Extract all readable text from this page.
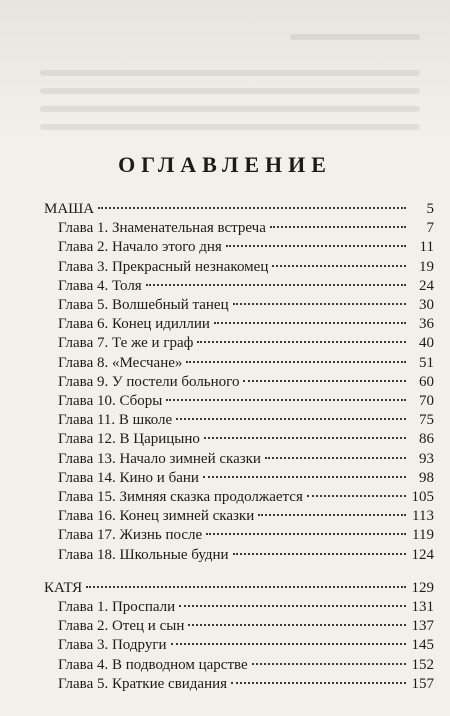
ОГЛАВЛЕНИЕ
МАША	5
Глава 1. Знаменательная встреча	7
Глава 2. Начало этого дня	11
Глава 3. Прекрасный незнакомец	19
Глава 4. Толя	24
Глава 5. Волшебный танец	30
Глава 6. Конец идиллии	36
Глава 7. Те же и граф	40
Глава 8. «Месчане»	51
Глава 9. У постели больного	60
Глава 10. Сборы	70
Глава 11. В школе	75
Глава 12. В Царицыно	86
Глава 13. Начало зимней сказки	93
Глава 14. Кино и бани	98
Глава 15. Зимняя сказка продолжается	105
Глава 16. Конец зимней сказки	113
Глава 17. Жизнь после	119
Глава 18. Школьные будни	124
КАТЯ	129
Глава 1. Проспали	131
Глава 2. Отец и сын	137
Глава 3. Подруги	145
Глава 4. В подводном царстве	152
Глава 5. Краткие свидания	157
